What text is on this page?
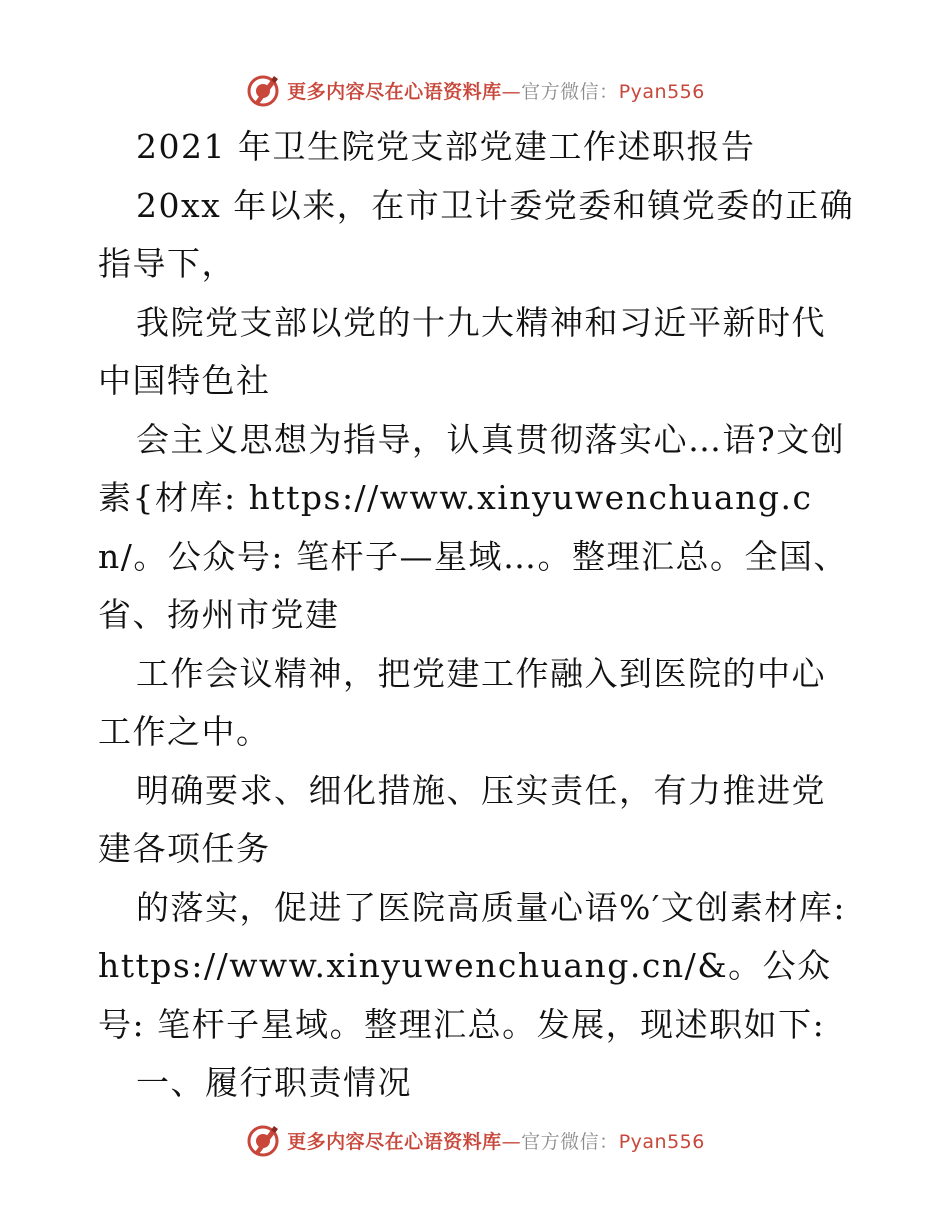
更多内容尽在心语资料库—官方微信：Pyan556

2021 年卫生院党支部党建工作述职报告

20xx 年以来，在市卫计委党委和镇党委的正确指导下，

我院党支部以党的十九大精神和习近平新时代中国特色社

会主义思想为指导，认真贯彻落实心…语?文创素{材库: https://www.xinyuwenchuang.cn/。公众号: 笔杆子—星域…。整理汇总。全国、省、扬州市党建

工作会议精神，把党建工作融入到医院的中心工作之中。

明确要求、细化措施、压实责任，有力推进党建各项任务

的落实，促进了医院高质量心语%′文创素材库: https://www.xinyuwenchuang.cn/&。公众号: 笔杆子星域。整理汇总。发展，现述职如下:

一、履行职责情况

更多内容尽在心语资料库—官方微信：Pyan556
